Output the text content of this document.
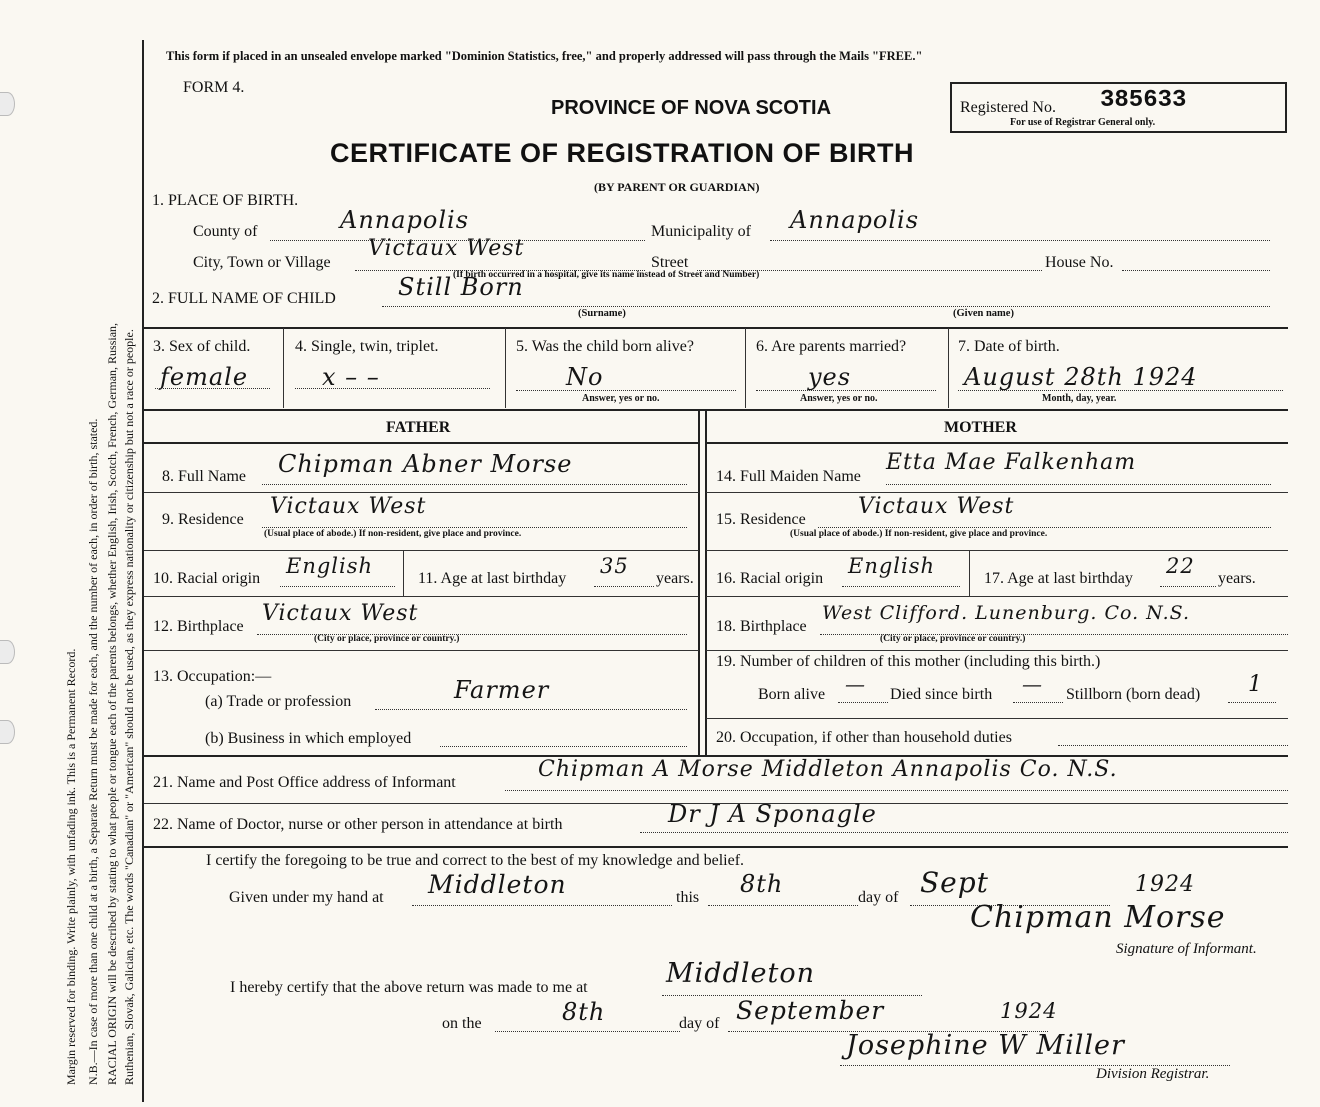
Margin reserved for binding. Write plainly, with unfading ink. This is a Permanent Record. N.B.—In case of more than one child at a birth, a Separate Return must be made for each, and the number of each, in order of birth, stated. RACIAL ORIGIN will be described by stating to what people or tongue each of the parents belongs, whether English, Irish, Scotch, French, German, Russian, Ruthenian, Slovak, Galician, etc. The words "Canadian" or "American" should not be used, as they express nationality or citizenship but not a race or people.
This form if placed in an unsealed envelope marked "Dominion Statistics, free," and properly addressed will pass through the Mails "FREE."
FORM 4.
PROVINCE OF NOVA SCOTIA
CERTIFICATE OF REGISTRATION OF BIRTH
(BY PARENT OR GUARDIAN)
Registered No. 385633
For use of Registrar General only.
1. PLACE OF BIRTH.
County of	Annapolis	Municipality of Annapolis
City, Town or Village
Victaux West
(If birth occurred in a hospital, give its name instead of Street and Number)
Street	House No.
2. FULL NAME OF CHILD	Still Born
(Surname)	(Given name)
3. Sex of child.
female
4. Single, twin, triplet.
x – –
5. Was the child born alive?
No
Answer, yes or no.
6. Are parents married?
yes
Answer, yes or no.
7. Date of birth.
August 28th 1924
Month, day, year.
FATHER	MOTHER
8. Full Name Chipman Abner Morse
9. Residence
Victaux West
(Usual place of abode.) If non-resident, give place and province.
10. Racial origin
English
11. Age at last birthday
35
years.
12. Birthplace
Victaux West
(City or place, province or country.)
13. Occupation:—
(a) Trade or profession	Farmer
(b) Business in which employed
14. Full Maiden Name
Etta Mae Falkenham
15. Residence
Victaux West
(Usual place of abode.) If non-resident, give place and province.
16. Racial origin
English
17. Age at last birthday
22
years.
18. Birthplace
West Clifford. Lunenburg. Co. N.S.
(City or place, province or country.)
19. Number of children of this mother (including this birth.)
Born alive — Died since birth — Stillborn (born dead) 1
20. Occupation, if other than household duties
21. Name and Post Office address of Informant
Chipman A Morse Middleton Annapolis Co. N.S.
22. Name of Doctor, nurse or other person in attendance at birth	Dr J A Sponagle
I certify the foregoing to be true and correct to the best of my knowledge and belief.
Given under my hand at Middleton	this 8th	day of Sept	1924
Chipman Morse
Signature of Informant.
I hereby certify that the above return was made to me at	Middleton
on the	8th	day of September	1924
Josephine W Miller
Division Registrar.
